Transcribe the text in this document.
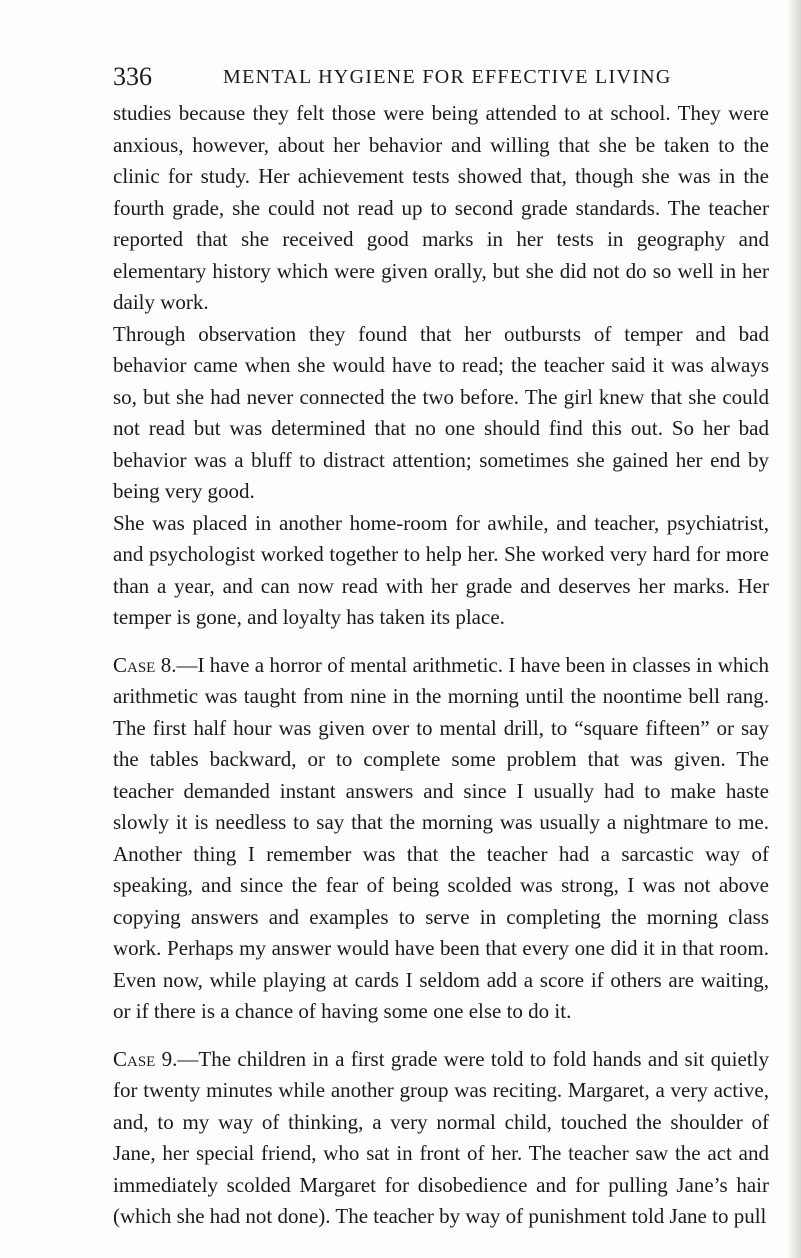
336	MENTAL HYGIENE FOR EFFECTIVE LIVING

studies because they felt those were being attended to at school. They were anxious, however, about her behavior and willing that she be taken to the clinic for study. Her achievement tests showed that, though she was in the fourth grade, she could not read up to second grade standards. The teacher reported that she received good marks in her tests in geography and elementary history which were given orally, but she did not do so well in her daily work.

Through observation they found that her outbursts of temper and bad behavior came when she would have to read; the teacher said it was always so, but she had never connected the two before. The girl knew that she could not read but was determined that no one should find this out. So her bad behavior was a bluff to distract attention; sometimes she gained her end by being very good.

She was placed in another home-room for awhile, and teacher, psychiatrist, and psychologist worked together to help her. She worked very hard for more than a year, and can now read with her grade and deserves her marks. Her temper is gone, and loyalty has taken its place.

Case 8.—I have a horror of mental arithmetic. I have been in classes in which arithmetic was taught from nine in the morning until the noontime bell rang. The first half hour was given over to mental drill, to “square fifteen” or say the tables backward, or to complete some problem that was given. The teacher demanded instant answers and since I usually had to make haste slowly it is needless to say that the morning was usually a nightmare to me. Another thing I remember was that the teacher had a sarcastic way of speaking, and since the fear of being scolded was strong, I was not above copying answers and examples to serve in completing the morning class work. Perhaps my answer would have been that every one did it in that room. Even now, while playing at cards I seldom add a score if others are waiting, or if there is a chance of having some one else to do it.

Case 9.—The children in a first grade were told to fold hands and sit quietly for twenty minutes while another group was reciting. Margaret, a very active, and, to my way of thinking, a very normal child, touched the shoulder of Jane, her special friend, who sat in front of her. The teacher saw the act and immediately scolded Margaret for disobedience and for pulling Jane’s hair (which she had not done). The teacher by way of punishment told Jane to pull
